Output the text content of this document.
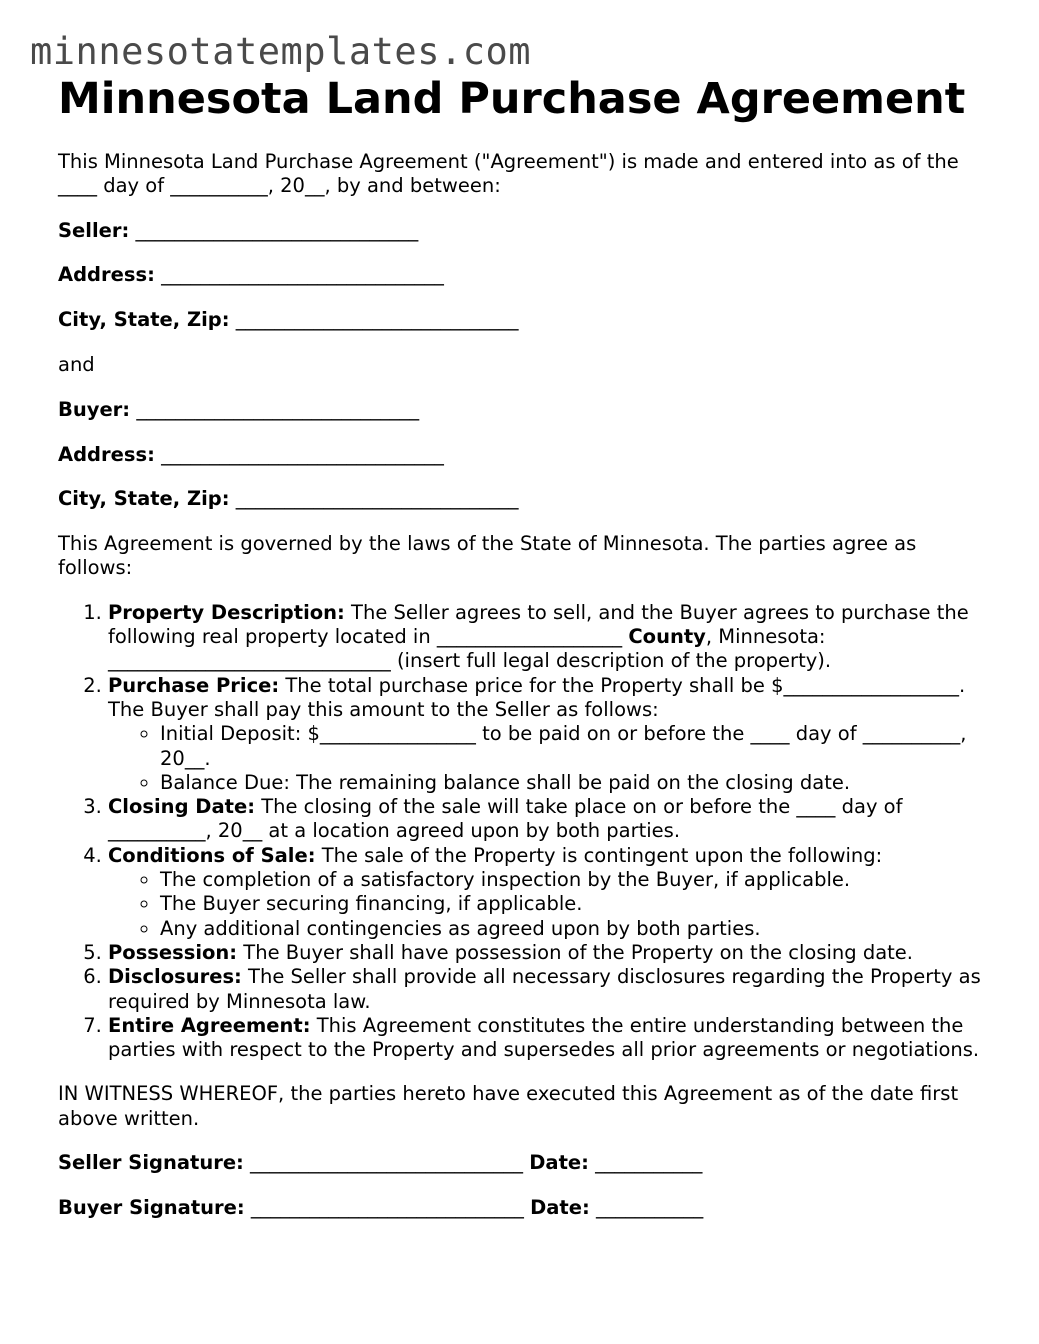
minnesotatemplates.com
Minnesota Land Purchase Agreement

This Minnesota Land Purchase Agreement ("Agreement") is made and entered into as of the ____ day of __________, 20__, by and between:

Seller: _____________________________

Address: _____________________________

City, State, Zip: _____________________________

and

Buyer: _____________________________

Address: _____________________________

City, State, Zip: _____________________________

This Agreement is governed by the laws of the State of Minnesota. The parties agree as follows:

1. Property Description: The Seller agrees to sell, and the Buyer agrees to purchase the following real property located in ___________________ County, Minnesota: _____________________________ (insert full legal description of the property).
2. Purchase Price: The total purchase price for the Property shall be $__________________. The Buyer shall pay this amount to the Seller as follows:
◦ Initial Deposit: $________________ to be paid on or before the ____ day of __________, 20__.
◦ Balance Due: The remaining balance shall be paid on the closing date.
3. Closing Date: The closing of the sale will take place on or before the ____ day of __________, 20__ at a location agreed upon by both parties.
4. Conditions of Sale: The sale of the Property is contingent upon the following:
◦ The completion of a satisfactory inspection by the Buyer, if applicable.
◦ The Buyer securing financing, if applicable.
◦ Any additional contingencies as agreed upon by both parties.
5. Possession: The Buyer shall have possession of the Property on the closing date.
6. Disclosures: The Seller shall provide all necessary disclosures regarding the Property as required by Minnesota law.
7. Entire Agreement: This Agreement constitutes the entire understanding between the parties with respect to the Property and supersedes all prior agreements or negotiations.

IN WITNESS WHEREOF, the parties hereto have executed this Agreement as of the date first above written.

Seller Signature: ____________________________ Date: ___________

Buyer Signature: ____________________________ Date: ___________
